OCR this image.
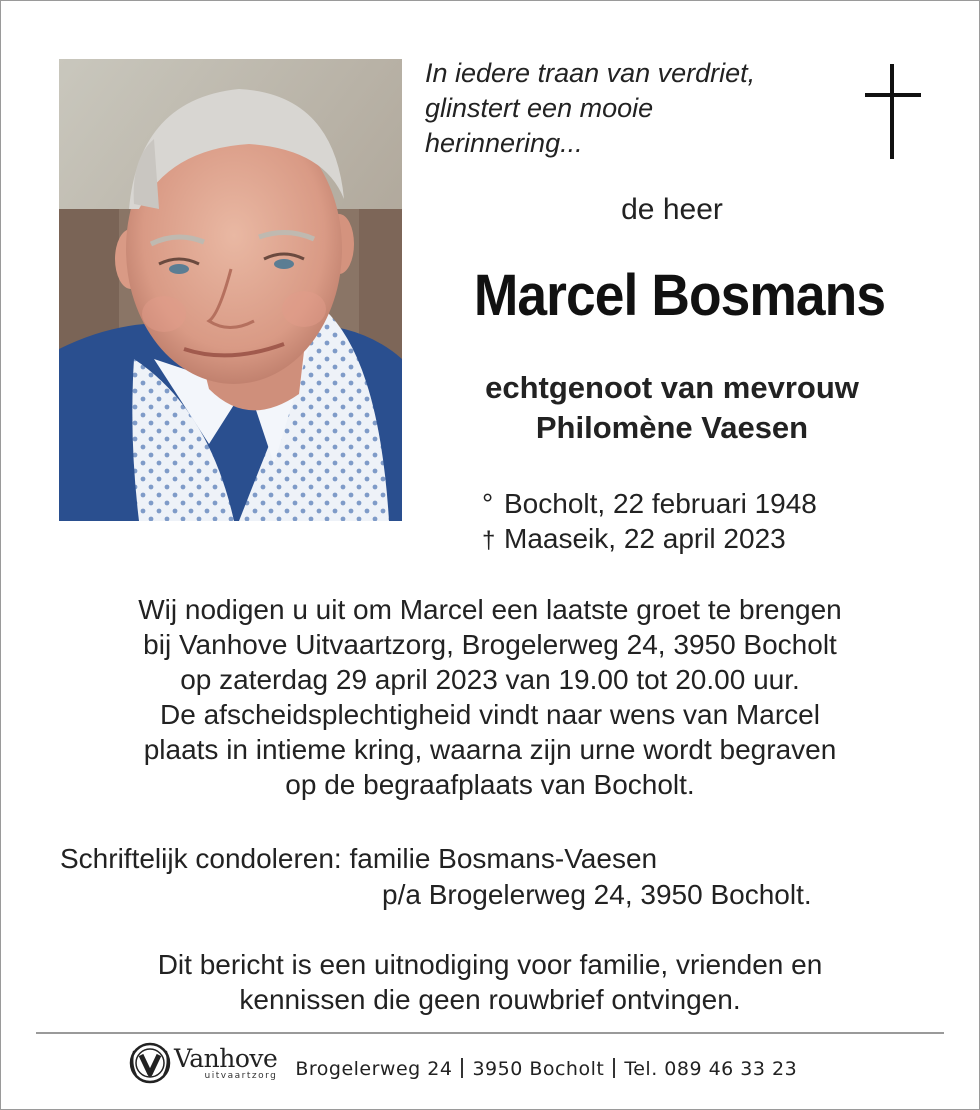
In iedere traan van verdriet,
glinstert een mooie
herinnering...
de heer
Marcel Bosmans
echtgenoot van mevrouw
Philomène Vaesen
° Bocholt, 22 februari 1948
† Maaseik, 22 april 2023
Wij nodigen u uit om Marcel een laatste groet te brengen
bij Vanhove Uitvaartzorg, Brogelerweg 24, 3950 Bocholt
op zaterdag 29 april 2023 van 19.00 tot 20.00 uur.
De afscheidsplechtigheid vindt naar wens van Marcel
plaats in intieme kring, waarna zijn urne wordt begraven
op de begraafplaats van Bocholt.
Schriftelijk condoleren: familie Bosmans-Vaesen
p/a Brogelerweg 24, 3950 Bocholt.
Dit bericht is een uitnodiging voor familie, vrienden en
kennissen die geen rouwbrief ontvingen.
Vanhove
uitvaartzorg Brogelerweg 24 3950 Bocholt Tel. 089 46 33 23
